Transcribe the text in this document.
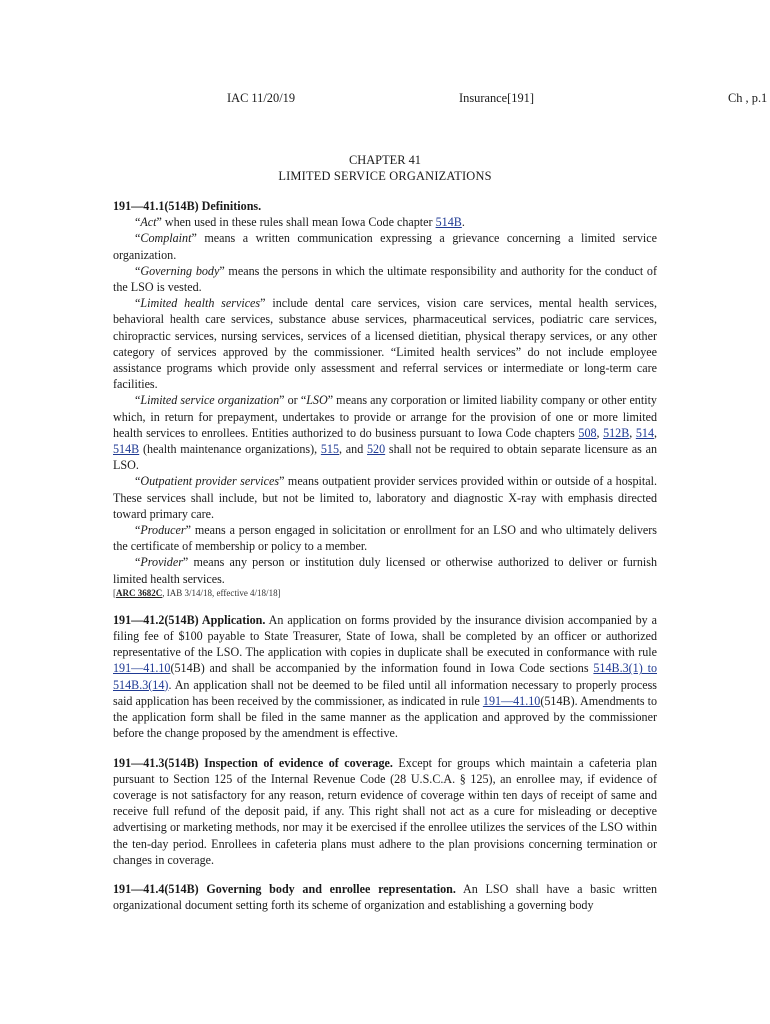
IAC 11/20/19	Insurance[191]	Ch , p.1
CHAPTER 41
LIMITED SERVICE ORGANIZATIONS

191—41.1(514B) Definitions.

“Act” when used in these rules shall mean Iowa Code chapter 514B.

“Complaint” means a written communication expressing a grievance concerning a limited service organization.

“Governing body” means the persons in which the ultimate responsibility and authority for the conduct of the LSO is vested.

“Limited health services” include dental care services, vision care services, mental health services, behavioral health care services, substance abuse services, pharmaceutical services, podiatric care services, chiropractic services, nursing services, services of a licensed dietitian, physical therapy services, or any other category of services approved by the commissioner. “Limited health services” do not include employee assistance programs which provide only assessment and referral services or intermediate or long-term care facilities.

“Limited service organization” or “LSO” means any corporation or limited liability company or other entity which, in return for prepayment, undertakes to provide or arrange for the provision of one or more limited health services to enrollees. Entities authorized to do business pursuant to Iowa Code chapters 508, 512B, 514, 514B (health maintenance organizations), 515, and 520 shall not be required to obtain separate licensure as an LSO.

“Outpatient provider services” means outpatient provider services provided within or outside of a hospital. These services shall include, but not be limited to, laboratory and diagnostic X-ray with emphasis directed toward primary care.

“Producer” means a person engaged in solicitation or enrollment for an LSO and who ultimately delivers the certificate of membership or policy to a member.

“Provider” means any person or institution duly licensed or otherwise authorized to deliver or furnish limited health services.

[ARC 3682C, IAB 3/14/18, effective 4/18/18]

191—41.2(514B) Application. An application on forms provided by the insurance division accompanied by a filing fee of $100 payable to State Treasurer, State of Iowa, shall be completed by an officer or authorized representative of the LSO. The application with copies in duplicate shall be executed in conformance with rule 191—41.10(514B) and shall be accompanied by the information found in Iowa Code sections 514B.3(1) to 514B.3(14). An application shall not be deemed to be filed until all information necessary to properly process said application has been received by the commissioner, as indicated in rule 191—41.10(514B). Amendments to the application form shall be filed in the same manner as the application and approved by the commissioner before the change proposed by the amendment is effective.

191—41.3(514B) Inspection of evidence of coverage. Except for groups which maintain a cafeteria plan pursuant to Section 125 of the Internal Revenue Code (28 U.S.C.A. § 125), an enrollee may, if evidence of coverage is not satisfactory for any reason, return evidence of coverage within ten days of receipt of same and receive full refund of the deposit paid, if any. This right shall not act as a cure for misleading or deceptive advertising or marketing methods, nor may it be exercised if the enrollee utilizes the services of the LSO within the ten-day period. Enrollees in cafeteria plans must adhere to the plan provisions concerning termination or changes in coverage.

191—41.4(514B) Governing body and enrollee representation. An LSO shall have a basic written organizational document setting forth its scheme of organization and establishing a governing body
